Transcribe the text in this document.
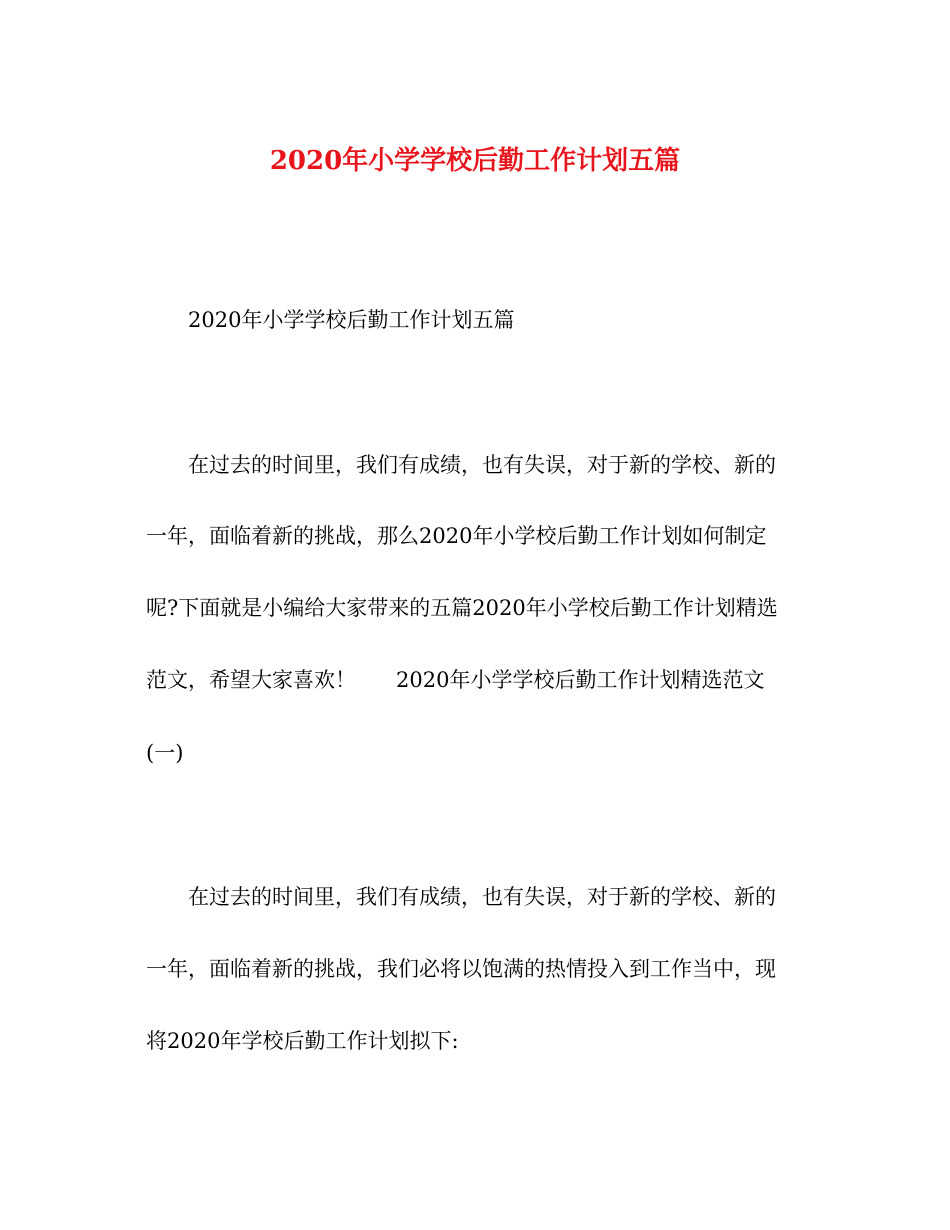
2020年小学学校后勤工作计划五篇
2020年小学学校后勤工作计划五篇
在过去的时间里，我们有成绩，也有失误，对于新的学校、新的
一年，面临着新的挑战，那么2020年小学校后勤工作计划如何制定
呢?下面就是小编给大家带来的五篇2020年小学校后勤工作计划精选
范文，希望大家喜欢！ 2020年小学学校后勤工作计划精选范文
(一)
在过去的时间里，我们有成绩，也有失误，对于新的学校、新的
一年，面临着新的挑战，我们必将以饱满的热情投入到工作当中，现
将2020年学校后勤工作计划拟下:
